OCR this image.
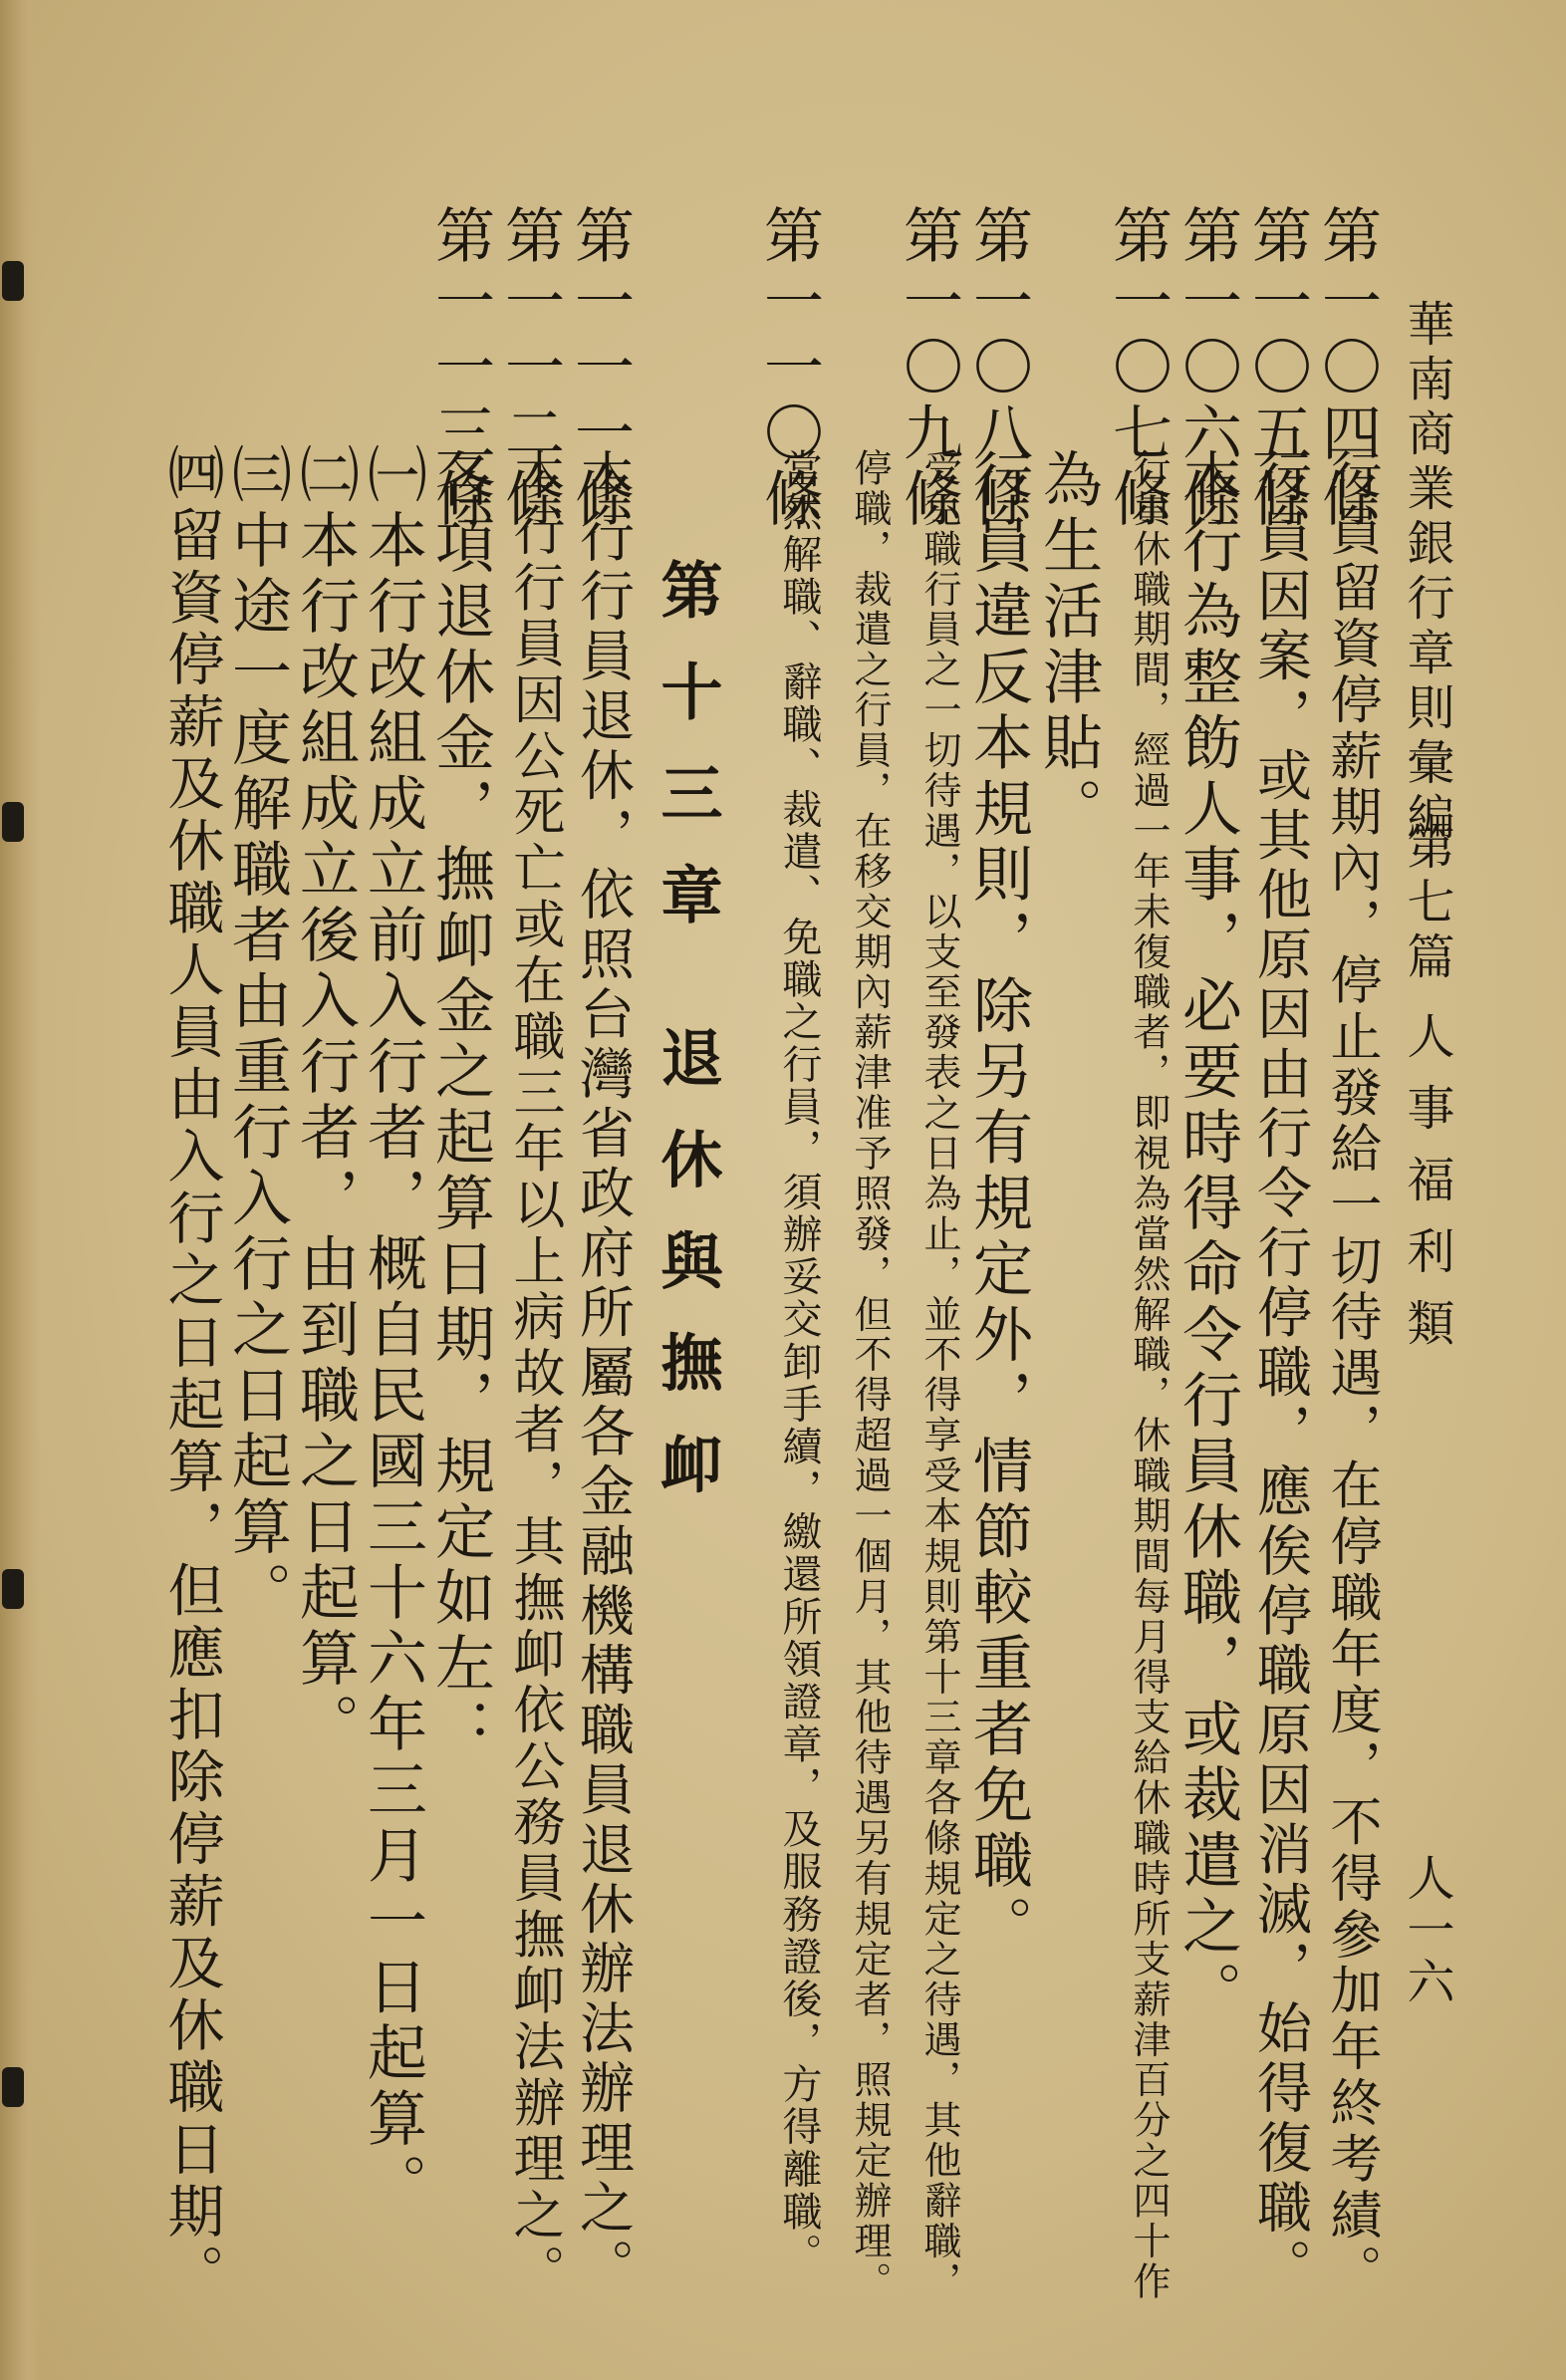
華南商業銀行章則彙編
第七篇
人事福利類
人一六
第一〇四條
行員留資停薪期內，停止發給一切待遇，在停職年度，不得參加年終考績。
第一〇五條
行員因案，或其他原因由行令行停職，應俟停職原因消滅，始得復職。
第一〇六條
本行為整飭人事，必要時得命令行員休職，或裁遣之。
第一〇七條
行員休職期間，經過一年未復職者，即視為當然解職，休職期間每月得支給休職時所支薪津百分之四十作
為生活津貼。
第一〇八條
行員違反本規則，除另有規定外，情節較重者免職。
第一〇九條
受免職行員之一切待遇，以支至發表之日為止，並不得享受本規則第十三章各條規定之待遇，其他辭職，
停職，裁遣之行員，在移交期內薪津准予照發，但不得超過一個月，其他待遇另有規定者，照規定辦理。
第一一〇條
當然解職、辭職、裁遣、免職之行員，須辦妥交卸手續，繳還所領證章，及服務證後，方得離職。
第十三章 退休與撫卹
第一一一條
本行行員退休，依照台灣省政府所屬各金融機構職員退休辦法辦理之。
第一一二條
本行行員因公死亡或在職三年以上病故者，其撫卹依公務員撫卹法辦理之。
第一一三條
各項退休金，撫卹金之起算日期，規定如左：
㈠本行改組成立前入行者，概自民國三十六年三月一日起算。
㈡本行改組成立後入行者，由到職之日起算。
㈢中途一度解職者由重行入行之日起算。
㈣留資停薪及休職人員由入行之日起算，但應扣除停薪及休職日期。
